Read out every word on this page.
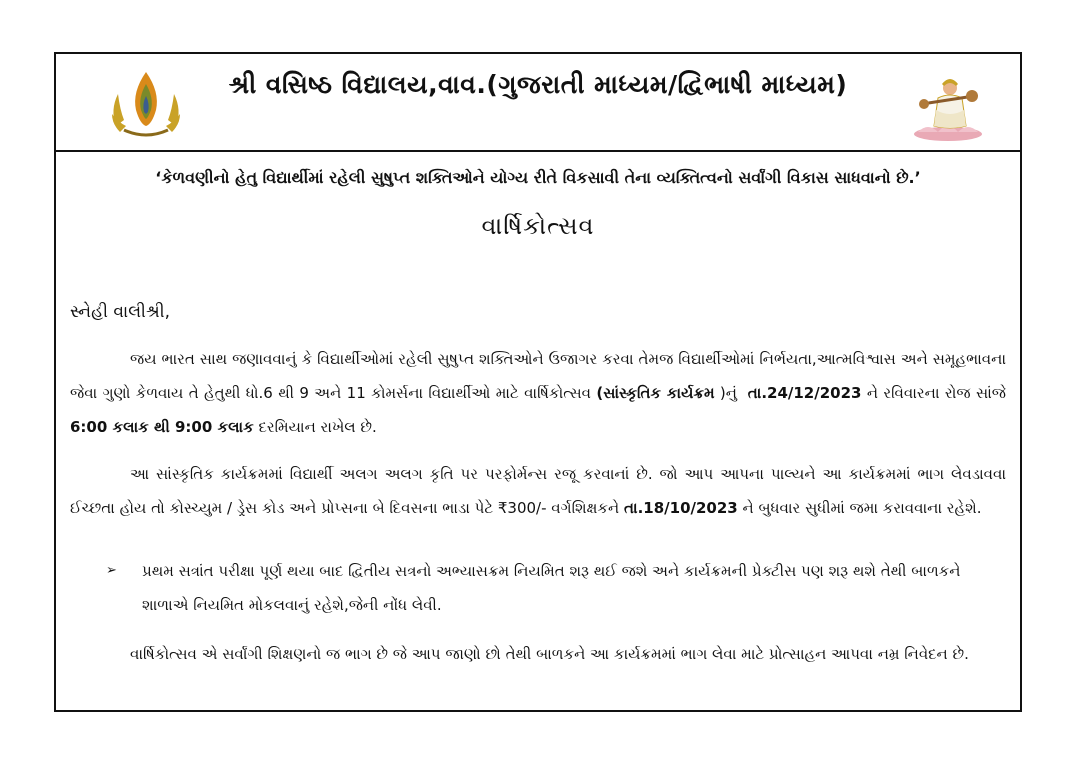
શ્રી વસિષ્ઠ વિદ્યાલય,વાવ.(ગુજરાતી માધ્યમ/દ્વિભાષી માધ્યમ)
‘કેળવણીનો હેતુ વિદ્યાર્થીમાં રહેલી સુષુપ્ત શક્તિઓને યોગ્ય રીતે વિકસાવી તેના વ્યક્તિત્વનો સર્વાંગી વિકાસ સાધવાનો છે.’
વાર્ષિકોત્સવ
સ્નેહી વાલીશ્રી,
જય ભારત સાથ જણાવવાનું કે વિદ્યાર્થીઓમાં રહેલી સુષુપ્ત શક્તિઓને ઉજાગર કરવા તેમજ વિદ્યાર્થીઓમાં નિર્ભયતા,આત્મવિશ્વાસ અને સમૂહભાવના જેવા ગુણો કેળવાય તે હેતુથી ધો.6 થી 9 અને 11 કોમર્સના વિદ્યાર્થીઓ માટે વાર્ષિકોત્સવ (સાંસ્કૃતિક કાર્યક્રમ )નું તા.24/12/2023 ને રવિવારના રોજ સાંજે 6:00 કલાક થી 9:00 કલાક દરમિયાન રાખેલ છે.
આ સાંસ્કૃતિક કાર્યક્રમમાં વિદ્યાર્થી અલગ અલગ કૃતિ પર પરફોર્મન્સ રજૂ કરવાનાં છે. જો આપ આપના પાલ્યને આ કાર્યક્રમમાં ભાગ લેવડાવવા ઈચ્છતા હોય તો કોસ્ચ્યુમ / ડ્રેસ કોડ અને પ્રોપ્સના બે દિવસના ભાડા પેટે ₹300/- વર્ગશિક્ષકને તા.18/10/2023 ને બુધવાર સુધીમાં જમા કરાવવાના રહેશે.
➢ પ્રથમ સત્રાંત પરીક્ષા પૂર્ણ થયા બાદ દ્વિતીય સત્રનો અભ્યાસક્રમ નિયમિત શરૂ થઈ જશે અને કાર્યક્રમની પ્રેક્ટીસ પણ શરૂ થશે તેથી બાળકને શાળાએ નિયમિત મોકલવાનું રહેશે,જેની નોંધ લેવી.
વાર્ષિકોત્સવ એ સર્વાંગી શિક્ષણનો જ ભાગ છે જે આપ જાણો છો તેથી બાળકને આ કાર્યક્રમમાં ભાગ લેવા માટે પ્રોત્સાહન આપવા નમ્ર નિવેદન છે.
